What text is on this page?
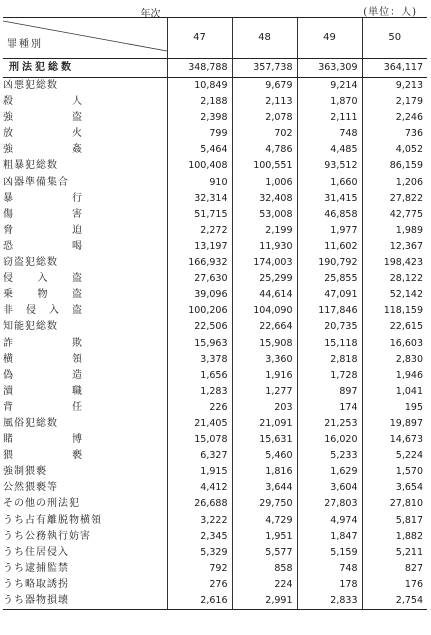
(単位：人)
年次
罪種別	47	48	49	50
刑法犯総数	348,788	357,738	363,309	364,117
凶悪犯総数	10,849	9,679	9,214	9,213

殺 人	2,188	2,113	1,870	2,179

強 盗	2,398	2,078	2,111	2,246

放 火	799	702	748	736

強 姦	5,464	4,786	4,485	4,052
粗暴犯総数	100,408	100,551	93,512	86,159
凶器準備集合	910	1,006	1,660	1,206

暴 行	32,314	32,408	31,415	27,822

傷 害	51,715	53,008	46,858	42,775

脅 迫	2,272	2,199	1,977	1,989

恐 喝	13,197	11,930	11,602	12,367
窃盗犯総数	166,932	174,003	190,792	198,423

侵 入 盗	27,630	25,299	25,855	28,122

乗 物 盗	39,096	44,614	47,091	52,142

非 侵 入 盗	100,206	104,090	117,846	118,159
知能犯総数	22,506	22,664	20,735	22,615

詐 欺	15,963	15,908	15,118	16,603

横 領	3,378	3,360	2,818	2,830

偽 造	1,656	1,916	1,728	1,946

瀆 職	1,283	1,277	897	1,041

背 任	226	203	174	195
風俗犯総数	21,405	21,091	21,253	19,897

賭 博	15,078	15,631	16,020	14,673

猥 褻	6,327	5,460	5,233	5,224
強制猥褻	1,915	1,816	1,629	1,570
公然猥褻等	4,412	3,644	3,604	3,654
その他の刑法犯	26,688	29,750	27,803	27,810
うち占有離脱物横領	3,222	4,729	4,974	5,817
うち公務執行妨害	2,345	1,951	1,847	1,882
うち住居侵入	5,329	5,577	5,159	5,211
うち逮捕監禁	792	858	748	827
うち略取誘拐	276	224	178	176
うち器物損壊	2,616	2,991	2,833	2,754
